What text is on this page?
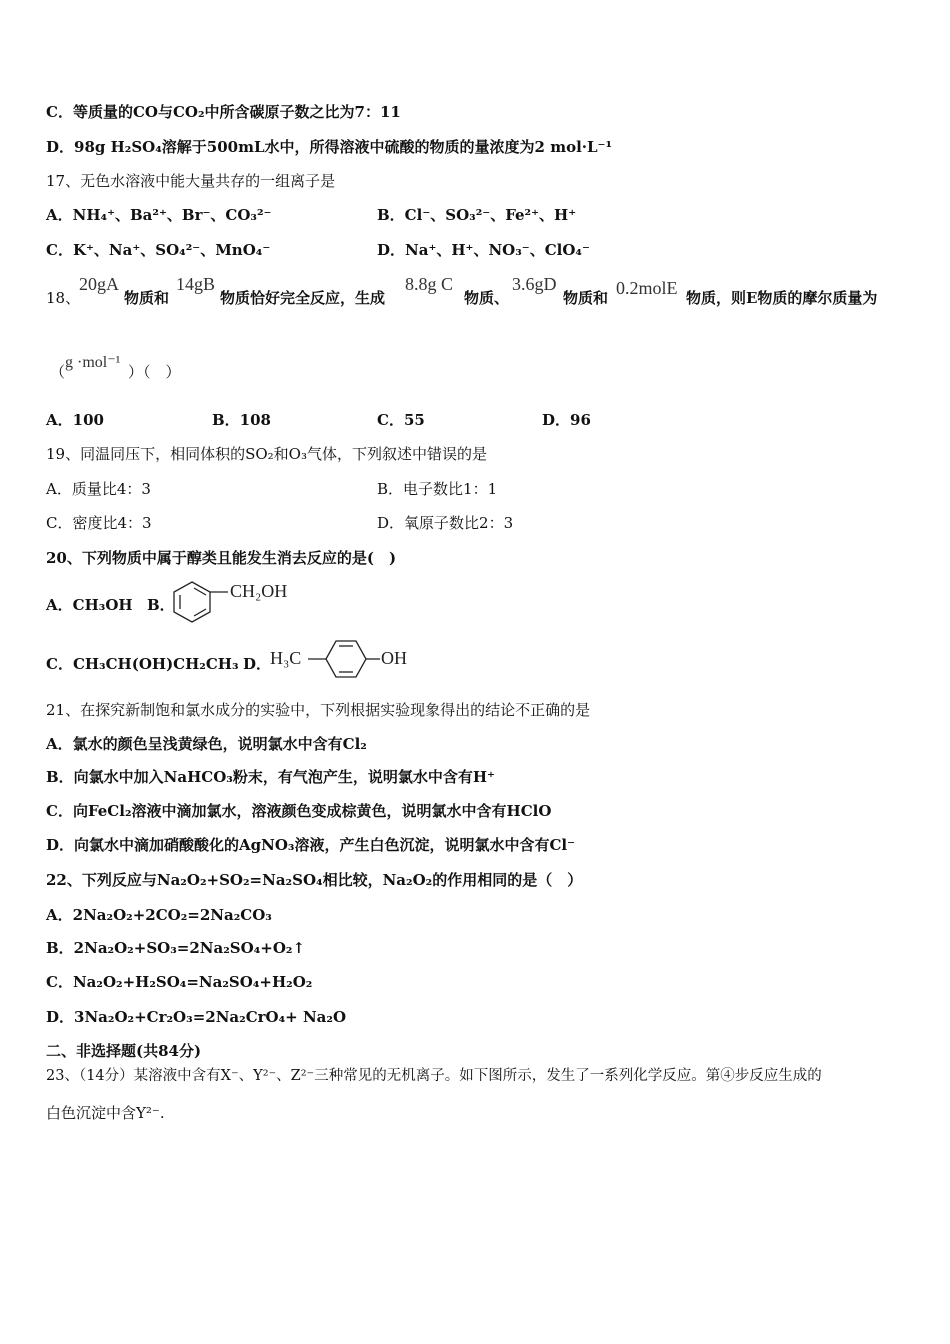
C．等质量的CO与CO₂中所含碳原子数之比为7：11
D．98g H₂SO₄溶解于500mL水中，所得溶液中硫酸的物质的量浓度为2 mol·L⁻¹
17、无色水溶液中能大量共存的一组离子是
A．NH₄⁺、Ba²⁺、Br⁻、CO₃²⁻	B．Cl⁻、SO₃²⁻、Fe²⁺、H⁺
C．K⁺、Na⁺、SO₄²⁻、MnO₄⁻	D．Na⁺、H⁺、NO₃⁻、ClO₄⁻
18、
20gA
物质和
14gB
物质恰好完全反应，生成
8.8g C
物质、
3.6gD
物质和 0.2molE 物质，则E物质的摩尔质量为
（
g ·mol⁻¹
）（　）
A．100	B．108	C．55	D．96
19、同温同压下，相同体积的SO₂和O₃气体，下列叙述中错误的是
A．质量比4：3	B．电子数比1：1
C．密度比4：3	D．氧原子数比2：3
20、下列物质中属于醇类且能发生消去反应的是(　)
A．CH₃OH B．
CH₂OH
C．CH₃CH(OH)CH₂CH₃ D．
H₃C	OH
21、在探究新制饱和氯水成分的实验中，下列根据实验现象得出的结论不正确的是
A．氯水的颜色呈浅黄绿色，说明氯水中含有Cl₂
B．向氯水中加入NaHCO₃粉末，有气泡产生，说明氯水中含有H⁺
C．向FeCl₂溶液中滴加氯水，溶液颜色变成棕黄色，说明氯水中含有HClO
D．向氯水中滴加硝酸酸化的AgNO₃溶液，产生白色沉淀，说明氯水中含有Cl⁻
22、下列反应与Na₂O₂+SO₂=Na₂SO₄相比较，Na₂O₂的作用相同的是（　）
A．2Na₂O₂+2CO₂=2Na₂CO₃
B．2Na₂O₂+SO₃=2Na₂SO₄+O₂↑
C．Na₂O₂+H₂SO₄=Na₂SO₄+H₂O₂
D．3Na₂O₂+Cr₂O₃=2Na₂CrO₄+ Na₂O
二、非选择题(共84分)
23、（14分）某溶液中含有X⁻、Y²⁻、Z²⁻三种常见的无机离子。如下图所示，发生了一系列化学反应。第④步反应生成的
白色沉淀中含Y²⁻.
